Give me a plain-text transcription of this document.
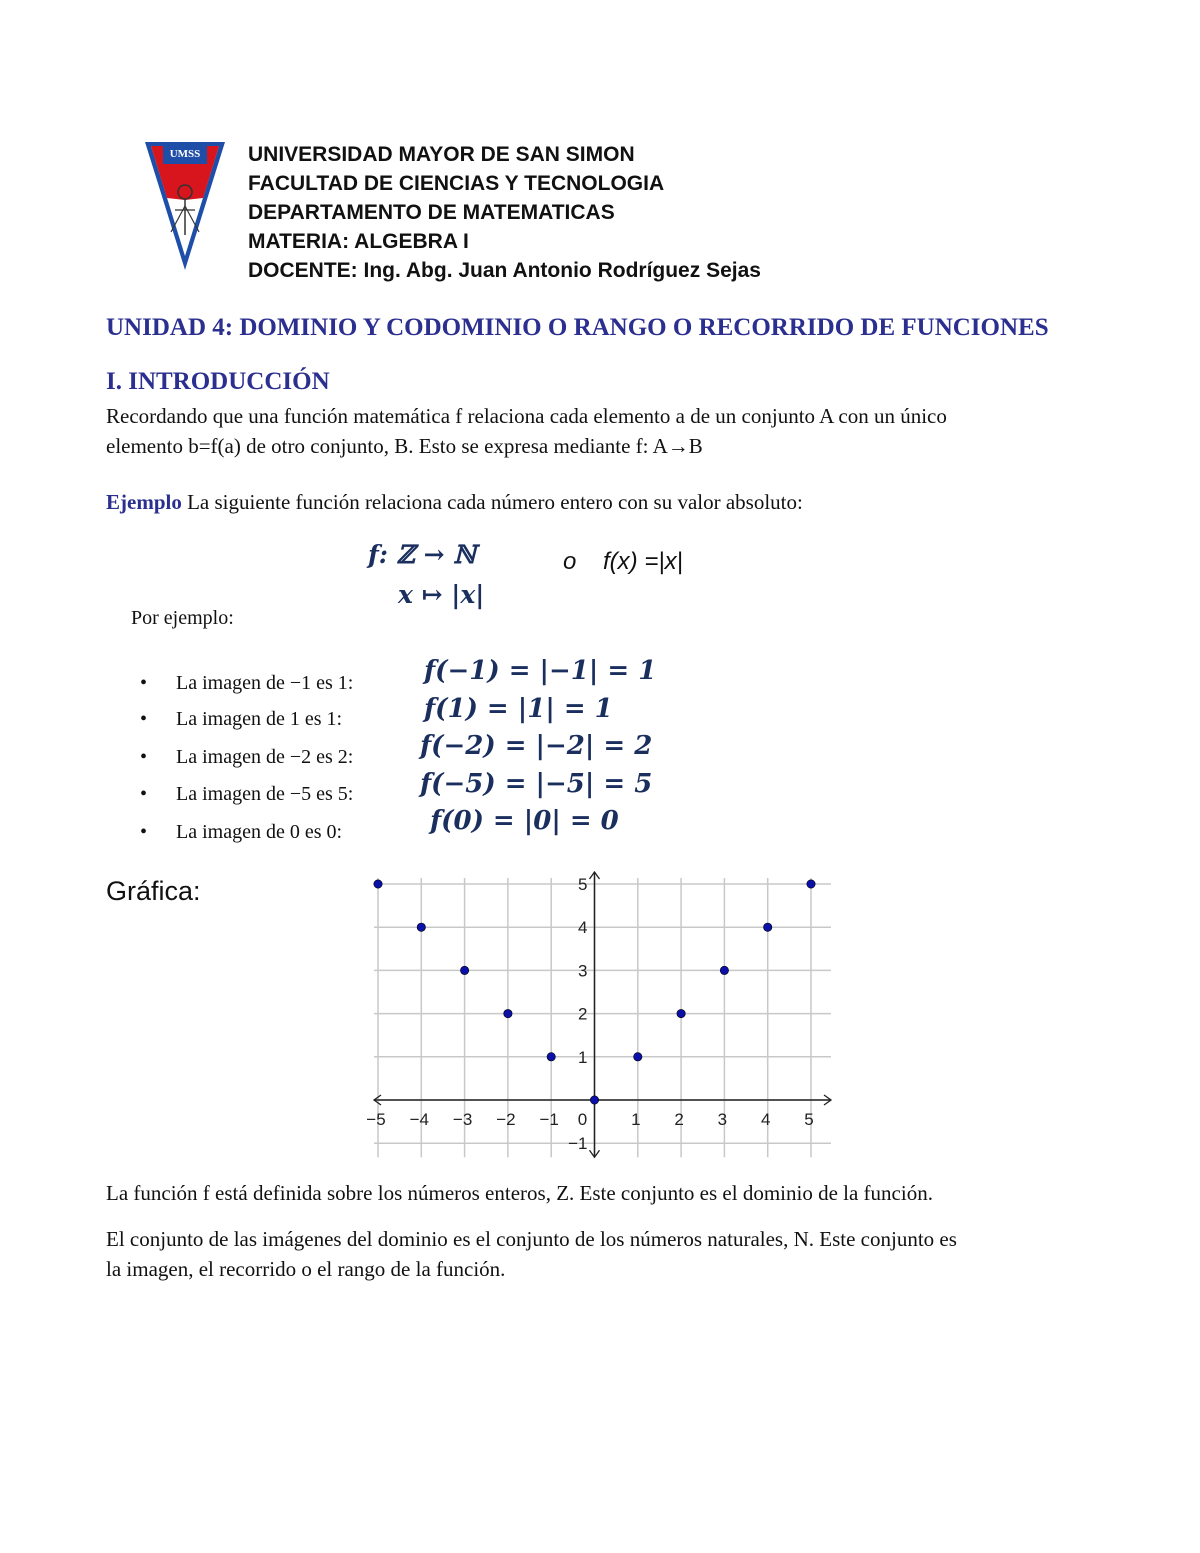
UMSS UNIVERSIDAD MAYOR DE SAN SIMON
FACULTAD DE CIENCIAS Y TECNOLOGIA
DEPARTAMENTO DE MATEMATICAS
MATERIA: ALGEBRA I
DOCENTE: Ing. Abg. Juan Antonio Rodríguez Sejas
UNIDAD 4: DOMINIO Y CODOMINIO O RANGO O RECORRIDO DE FUNCIONES
I. INTRODUCCIÓN
Recordando que una función matemática f relaciona cada elemento a de un conjunto A con un único
elemento b=f(a) de otro conjunto, B. Esto se expresa mediante f: A→B
Ejemplo La siguiente función relaciona cada número entero con su valor absoluto:
f: ℤ → ℕ
x ↦ |x|
o f(x) =|x|
Por ejemplo:
• La imagen de −1 es 1:	f(−1) = |−1| = 1
• La imagen de 1 es 1:	f(1) = |1| = 1
• La imagen de −2 es 2:	f(−2) = |−2| = 2
• La imagen de −5 es 5:	f(−5) = |−5| = 5
• La imagen de 0 es 0:	f(0) = |0| = 0
Gráfica:
−5 −4 −3 −2 −1 0	1 2 3 4 5
5
4
3
2
1
−1
La función f está definida sobre los números enteros, Z. Este conjunto es el dominio de la función.
El conjunto de las imágenes del dominio es el conjunto de los números naturales, N. Este conjunto es
la imagen, el recorrido o el rango de la función.
